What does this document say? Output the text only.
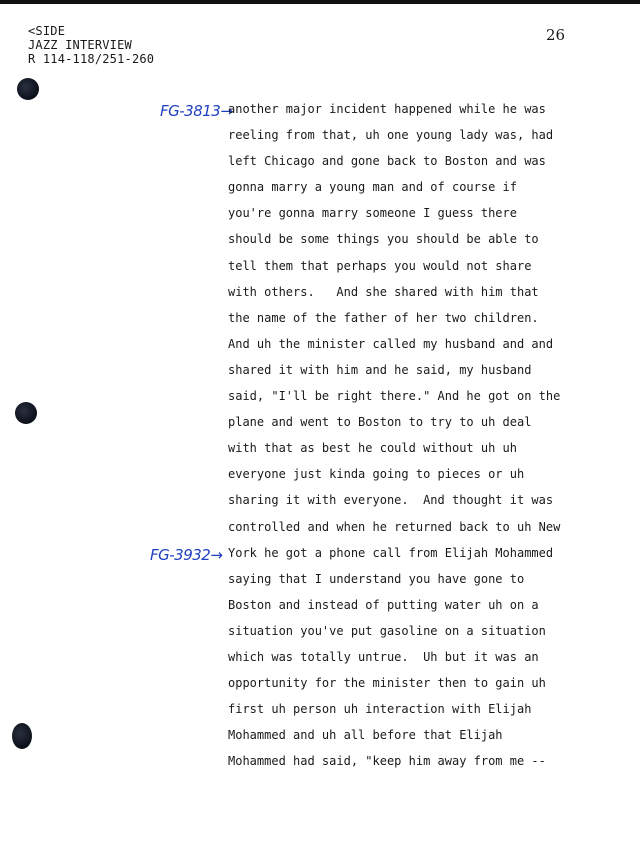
<SIDE
JAZZ INTERVIEW
R 114-118/251-260
26
FG-3813→
FG-3932→
another major incident happened while he was
reeling from that, uh one young lady was, had
left Chicago and gone back to Boston and was
gonna marry a young man and of course if
you're gonna marry someone I guess there
should be some things you should be able to
tell them that perhaps you would not share
with others.   And she shared with him that
the name of the father of her two children.
And uh the minister called my husband and and
shared it with him and he said, my husband
said, "I'll be right there." And he got on the
plane and went to Boston to try to uh deal
with that as best he could without uh uh
everyone just kinda going to pieces or uh
sharing it with everyone.  And thought it was
controlled and when he returned back to uh New
York he got a phone call from Elijah Mohammed
saying that I understand you have gone to
Boston and instead of putting water uh on a
situation you've put gasoline on a situation
which was totally untrue.  Uh but it was an
opportunity for the minister then to gain uh
first uh person uh interaction with Elijah
Mohammed and uh all before that Elijah
Mohammed had said, "keep him away from me --
